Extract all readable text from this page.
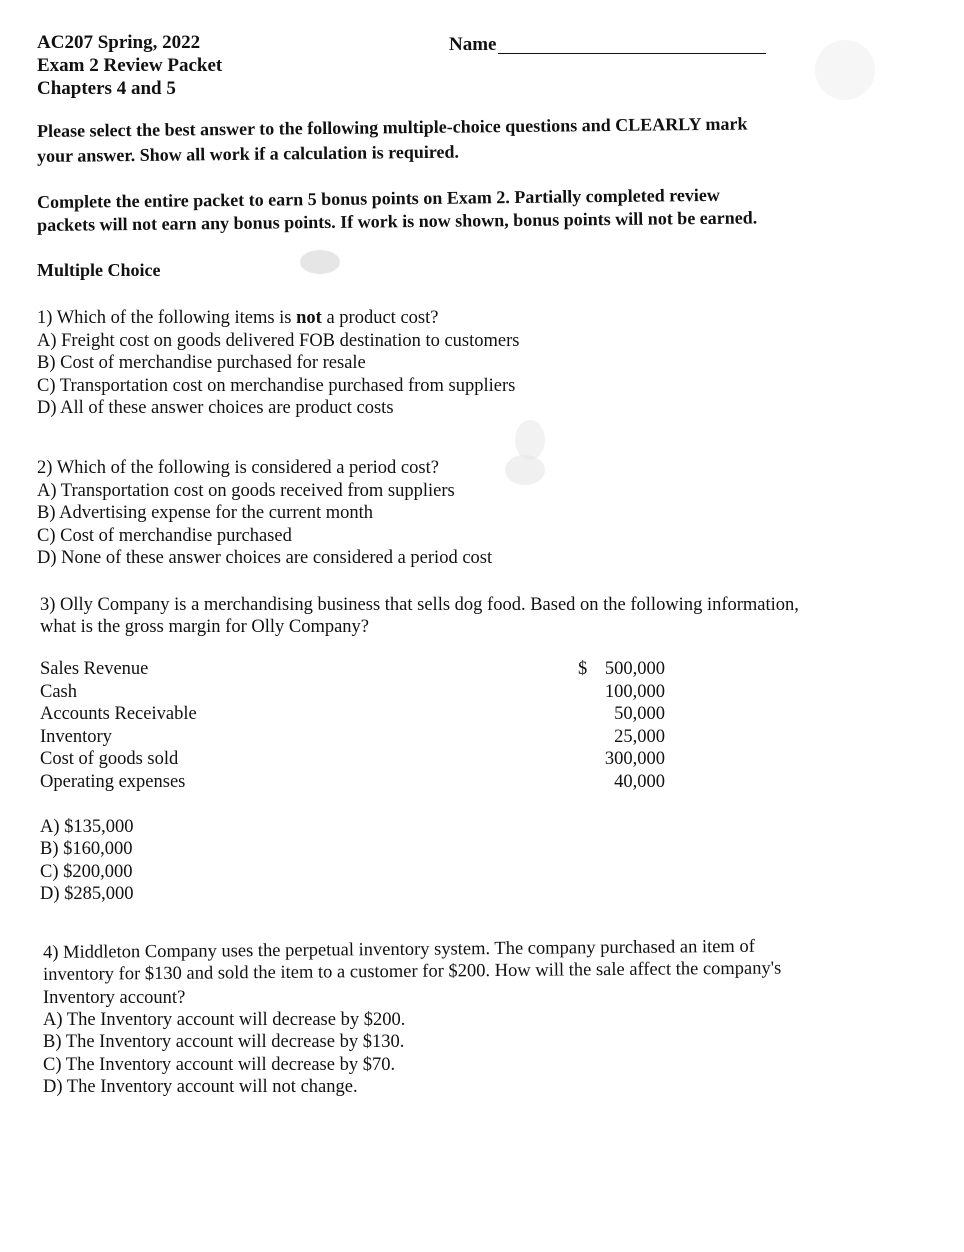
AC207 Spring, 2022
Exam 2 Review Packet
Chapters 4 and 5
Name
Please select the best answer to the following multiple-choice questions and CLEARLY mark
your answer. Show all work if a calculation is required.
Complete the entire packet to earn 5 bonus points on Exam 2. Partially completed review
packets will not earn any bonus points. If work is now shown, bonus points will not be earned.
Multiple Choice
1) Which of the following items is not a product cost?
A) Freight cost on goods delivered FOB destination to customers
B) Cost of merchandise purchased for resale
C) Transportation cost on merchandise purchased from suppliers
D) All of these answer choices are product costs
2) Which of the following is considered a period cost?
A) Transportation cost on goods received from suppliers
B) Advertising expense for the current month
C) Cost of merchandise purchased
D) None of these answer choices are considered a period cost
3) Olly Company is a merchandising business that sells dog food. Based on the following information,
what is the gross margin for Olly Company?
Sales Revenue	$ 500,000
Cash	100,000
Accounts Receivable	50,000
Inventory	25,000
Cost of goods sold	300,000
Operating expenses	40,000
A) $135,000
B) $160,000
C) $200,000
D) $285,000
4) Middleton Company uses the perpetual inventory system. The company purchased an item of
inventory for $130 and sold the item to a customer for $200. How will the sale affect the company's
Inventory account?
A) The Inventory account will decrease by $200.
B) The Inventory account will decrease by $130.
C) The Inventory account will decrease by $70.
D) The Inventory account will not change.
